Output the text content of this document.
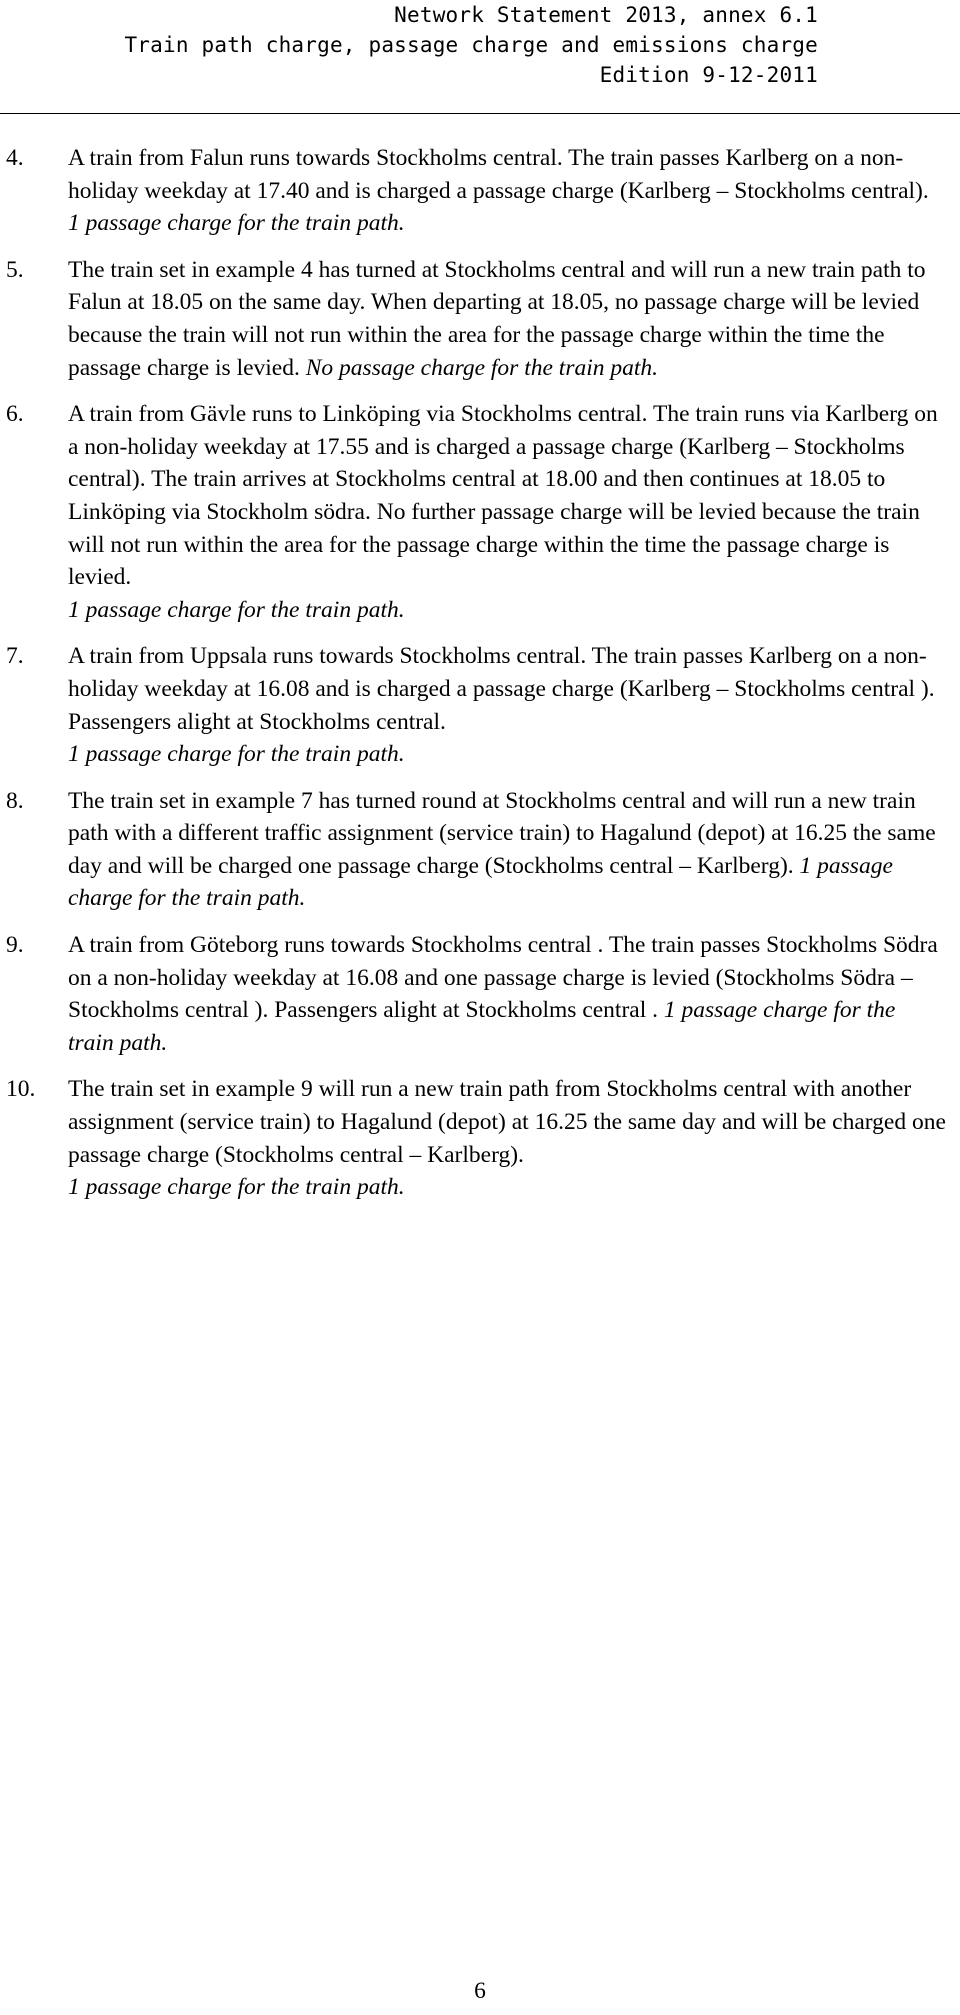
Network Statement 2013, annex 6.1
Train path charge, passage charge and emissions charge
Edition 9-12-2011
4. A train from Falun runs towards Stockholms central. The train passes Karlberg on a non-holiday weekday at 17.40 and is charged a passage charge (Karlberg – Stockholms central). 1 passage charge for the train path.
5. The train set in example 4 has turned at Stockholms central and will run a new train path to Falun at 18.05 on the same day. When departing at 18.05, no passage charge will be levied because the train will not run within the area for the passage charge within the time the passage charge is levied. No passage charge for the train path.
6. A train from Gävle runs to Linköping via Stockholms central. The train runs via Karlberg on a non-holiday weekday at 17.55 and is charged a passage charge (Karlberg – Stockholms central). The train arrives at Stockholms central at 18.00 and then continues at 18.05 to Linköping via Stockholm södra. No further passage charge will be levied because the train will not run within the area for the passage charge within the time the passage charge is levied.
1 passage charge for the train path.
7. A train from Uppsala runs towards Stockholms central. The train passes Karlberg on a non-holiday weekday at 16.08 and is charged a passage charge (Karlberg – Stockholms central ). Passengers alight at Stockholms central.
1 passage charge for the train path.
8. The train set in example 7 has turned round at Stockholms central and will run a new train path with a different traffic assignment (service train) to Hagalund (depot) at 16.25 the same day and will be charged one passage charge (Stockholms central – Karlberg). 1 passage charge for the train path.
9. A train from Göteborg runs towards Stockholms central . The train passes Stockholms Södra on a non-holiday weekday at 16.08 and one passage charge is levied (Stockholms Södra – Stockholms central ). Passengers alight at Stockholms central . 1 passage charge for the train path.
10. The train set in example 9 will run a new train path from Stockholms central with another assignment (service train) to Hagalund (depot) at 16.25 the same day and will be charged one passage charge (Stockholms central – Karlberg).
1 passage charge for the train path.
6
